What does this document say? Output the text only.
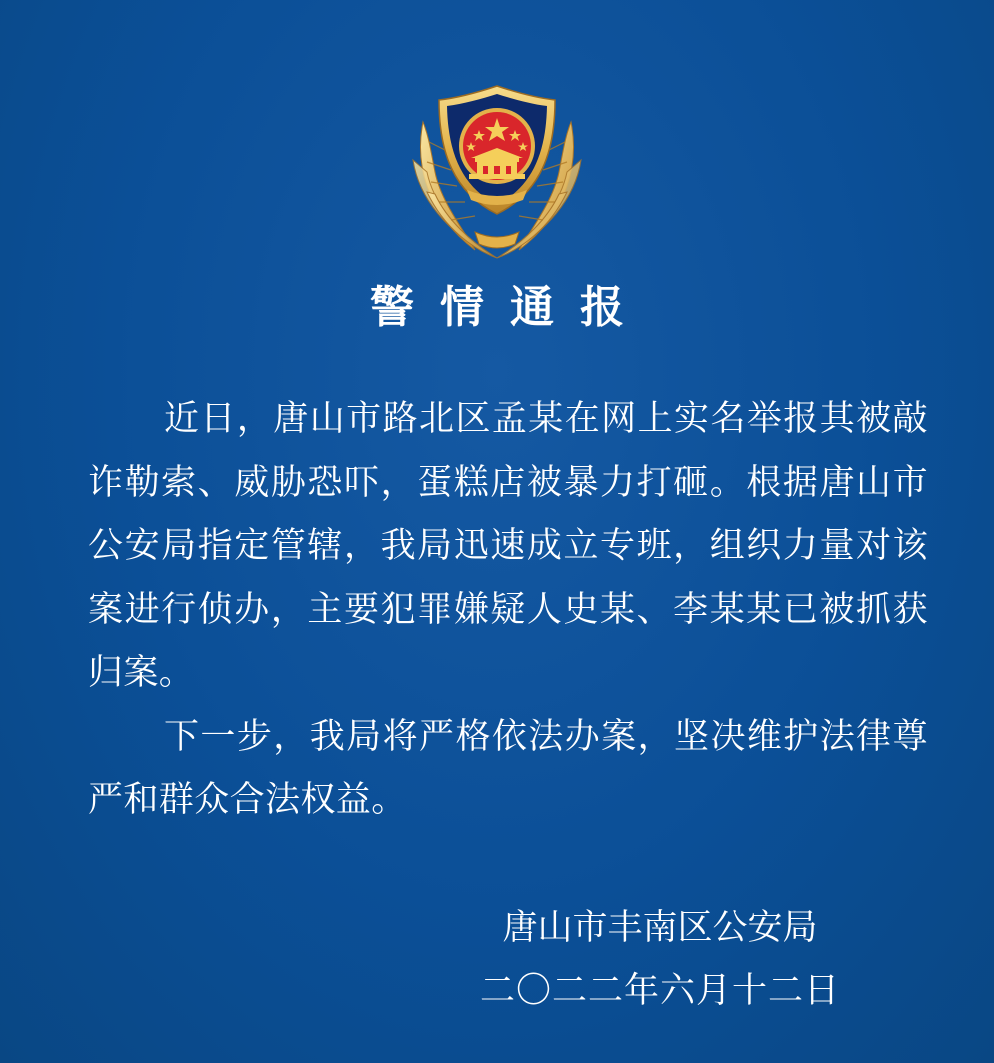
警情通报

近日，唐山市路北区孟某在网上实名举报其被敲诈勒索、威胁恐吓，蛋糕店被暴力打砸。根据唐山市公安局指定管辖，我局迅速成立专班，组织力量对该案进行侦办，主要犯罪嫌疑人史某、李某某已被抓获归案。

下一步，我局将严格依法办案，坚决维护法律尊严和群众合法权益。

唐山市丰南区公安局
二〇二二年六月十二日
